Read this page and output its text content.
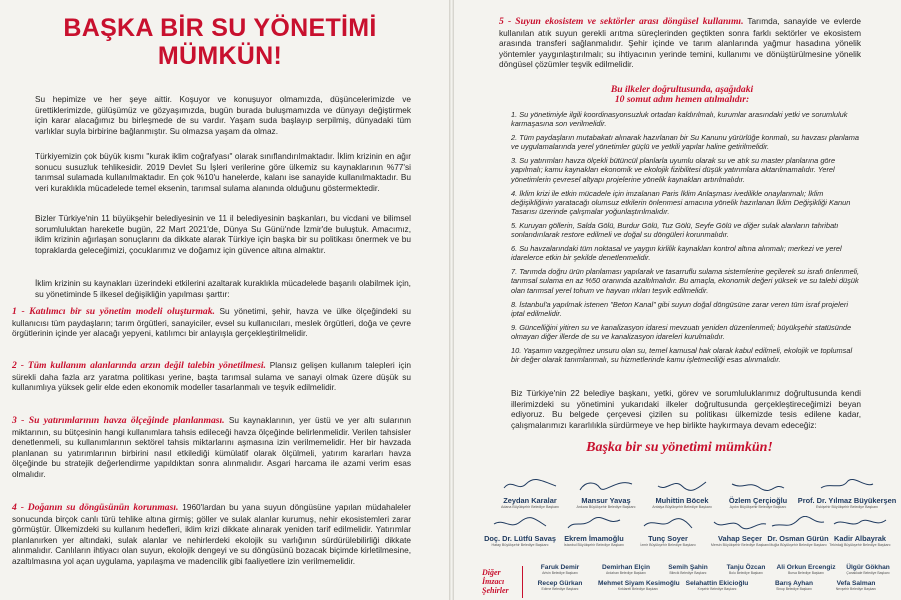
BAŞKA BİR SU YÖNETİMİ
MÜMKÜN!

Su hepimize ve her şeye aittir. Koşuyor ve konuşuyor olmamızda, düşüncelerimizde ve ürettiklerimizde, gülüşümüz ve gözyaşımızda, bugün burada buluşmamızda ve dünyayı değiştirmek için karar alacağımız bu birleşmede de su vardır. Yaşam suda başlayıp serpilmiş, dünyadaki tüm varlıklar suyla birbirine bağlanmıştır. Su olmazsa yaşam da olmaz.

Türkiyemizin çok büyük kısmı "kurak iklim coğrafyası" olarak sınıflandırılmaktadır. İklim krizinin en ağır sonucu susuzluk tehlikesidir. 2019 Devlet Su İşleri verilerine göre ülkemiz su kaynaklarının %77'si tarımsal sulamada kullanılmaktadır. En çok %10'u hanelerde, kalanı ise sanayide kullanılmaktadır. Bu veri kuraklıkla mücadelede temel eksenin, tarımsal sulama alanında olduğunu göstermektedir.

Bizler Türkiye'nin 11 büyükşehir belediyesinin ve 11 il belediyesinin başkanları, bu vicdani ve bilimsel sorumluluktan hareketle bugün, 22 Mart 2021'de, Dünya Su Günü'nde İzmir'de buluştuk. Amacımız, iklim krizinin ağırlaşan sonuçlarını da dikkate alarak Türkiye için başka bir su politikası önermek ve bu topraklarda geleceğimizi, çocuklarımız ve doğamız için güvence altına almaktır.

İklim krizinin su kaynakları üzerindeki etkilerini azaltarak kuraklıkla mücadelede başarılı olabilmek için, su yönetiminde 5 ilkesel değişikliğin yapılması şarttır:

1 - Katılımcı bir su yönetim modeli oluşturmak. Su yönetimi, şehir, havza ve ülke ölçeğindeki su kullanıcısı tüm paydaşların; tarım örgütleri, sanayiciler, evsel su kullanıcıları, meslek örgütleri, doğa ve çevre örgütlerinin içinde yer alacağı yepyeni, katılımcı bir anlayışla gerçekleştirilmelidir.

2 - Tüm kullanım alanlarında arzın değil talebin yönetilmesi. Plansız gelişen kullanım talepleri için sürekli daha fazla arz yaratma politikası yerine, başta tarımsal sulama ve sanayi olmak üzere düşük su kullanımlıya yüksek gelir elde eden ekonomik modeller tasarlanmalı ve teşvik edilmelidir.

3 - Su yatırımlarının havza ölçeğinde planlanması. Su kaynaklarının, yer üstü ve yer altı sularının miktarının, su bütçesinin hangi kullanımlara tahsis edileceği havza ölçeğinde belirlenmelidir. Verilen tahsisler denetlenmeli, su kullanımlarının sektörel tahsis miktarlarını aşmasına izin verilmemelidir. Her bir havzada planlanan su yatırımlarının birbirini nasıl etkilediği kümülatif olarak ölçülmeli, yatırım kararları havza ölçeğinde bu stratejik değerlendirme yapıldıktan sonra alınmalıdır. Asgari harcama ile azami verim esas olmalıdır.

4 - Doğanın su döngüsünün korunması. 1960'lardan bu yana suyun döngüsüne yapılan müdahaleler sonucunda birçok canlı türü tehlike altına girmiş; göller ve sulak alanlar kurumuş, nehir ekosistemleri zarar görmüştür. Ülkemizdeki su kullanım hedefleri, iklim krizi dikkate alınarak yeniden tarif edilmelidir. Yatırımlar planlanırken yer altındaki, sulak alanlar ve nehirlerdeki ekolojik su varlığının sürdürülebilirliği dikkate alınmalıdır. Canlıların ihtiyacı olan suyun, ekolojik dengeyi ve su döngüsünü bozacak biçimde kirletilmesine, azaltılmasına yol açan uygulama, yapılaşma ve madencilik gibi faaliyetlere izin verilmemelidir.

5 - Suyun ekosistem ve sektörler arası döngüsel kullanımı. Tarımda, sanayide ve evlerde kullanılan atık suyun gerekli arıtma süreçlerinden geçtikten sonra farklı sektörler ve ekosistem arasında transferi sağlanmalıdır. Şehir içinde ve tarım alanlarında yağmur hasadına yönelik yöntemler yaygınlaştırılmalı; su ihtiyacının yerinde temini, kullanımı ve dönüştürülmesine yönelik döngüsel çözümler teşvik edilmelidir.

Bu ilkeler doğrultusunda, aşağıdaki
10 somut adım hemen atılmalıdır:

1. Su yönetimiyle ilgili koordinasyonsuzluk ortadan kaldırılmalı, kurumlar arasındaki yetki ve sorumluluk karmaşasına son verilmelidir.

2. Tüm paydaşların mutabakatı alınarak hazırlanan bir Su Kanunu yürürlüğe konmalı, su havzası planlama ve uygulamalarında yerel yönetimler güçlü ve yetkili yapılar haline getirilmelidir.

3. Su yatırımları havza ölçekli bütüncül planlarla uyumlu olarak su ve atık su master planlarına göre yapılmalı; kamu kaynakları ekonomik ve ekolojik fizibilitesi düşük yatırımlara aktarılmamalıdır. Yerel yönetimlerin çevresel altyapı projelerine yönelik kaynakları artırılmalıdır.

4. İklim krizi ile etkin mücadele için imzalanan Paris İklim Anlaşması ivedilikle onaylanmalı; İklim değişikliğinin yaratacağı olumsuz etkilerin önlenmesi amacına yönelik hazırlanan İklim Değişikliği Kanun Tasarısı üzerinde çalışmalar yoğunlaştırılmalıdır.

5. Kuruyan göllerin, Salda Gölü, Burdur Gölü, Tuz Gölü, Seyfe Gölü ve diğer sulak alanların tahribatı sonlandırılarak restore edilmeli ve doğal su döngüleri korunmalıdır.

6. Su havzalarındaki tüm noktasal ve yaygın kirlilik kaynakları kontrol altına alınmalı; merkezi ve yerel idarelerce etkin bir şekilde denetlenmelidir.

7. Tarımda doğru ürün planlaması yapılarak ve tasarruflu sulama sistemlerine geçilerek su israfı önlenmeli, tarımsal sulama en az %50 oranında azaltılmalıdır. Bu amaçla, ekonomik değeri yüksek ve su talebi düşük olan tarımsal yerel tohum ve hayvan ırkları teşvik edilmelidir.

8. İstanbul'a yapılmak istenen "Beton Kanal" gibi suyun doğal döngüsüne zarar veren tüm israf projeleri iptal edilmelidir.

9. Güncelliğini yitiren su ve kanalizasyon idaresi mevzuatı yeniden düzenlenmeli; büyükşehir statüsünde olmayan diğer illerde de su ve kanalizasyon idareleri kurulmalıdır.

10. Yaşamın vazgeçilmez unsuru olan su, temel kamusal hak olarak kabul edilmeli, ekolojik ve toplumsal bir değer olarak tanımlanmalı, su hizmetlerinde kamu işletmeciliği esas alınmalıdır.

Biz Türkiye'nin 22 belediye başkanı, yetki, görev ve sorumluluklarımız doğrultusunda kendi illerimizdeki su yönetimini yukarıdaki ilkeler doğrultusunda gerçekleştireceğimizi beyan ediyoruz. Bu belgede çerçevesi çizilen su politikası ülkemizde tesis edilene kadar, çalışmalarımızı kararlılıkla sürdürmeye ve hep birlikte haykırmaya devam edeceğiz:

Başka bir su yönetimi mümkün!
Zeydan Karalar
Adana Büyükşehir Belediye Başkanı
Mansur Yavaş
Ankara Büyükşehir Belediye Başkanı
Muhittin Böcek
Antalya Büyükşehir Belediye Başkanı
Özlem Çerçioğlu
Aydın Büyükşehir Belediye Başkanı
Prof. Dr. Yılmaz Büyükerşen
Eskişehir Büyükşehir Belediye Başkanı
Doç. Dr. Lütfü Savaş
Hatay Büyükşehir Belediye Başkanı
Ekrem İmamoğlu
İstanbul Büyükşehir Belediye Başkanı
Tunç Soyer
İzmir Büyükşehir Belediye Başkanı
Vahap Seçer
Mersin Büyükşehir Belediye Başkanı
Dr. Osman Gürün
Muğla Büyükşehir Belediye Başkanı
Kadir Albayrak
Tekirdağ Büyükşehir Belediye Başkanı
Diğer İmzacı Şehirler
Faruk Demir
Artvin Belediye Başkanı
Demirhan Elçin
Ardahan Belediye Başkanı
Semih Şahin
Bilecik Belediye Başkanı
Tanju Özcan
Bolu Belediye Başkanı
Ali Orkun Ercengiz
Bursa Belediye Başkanı
Ülgür Gökhan
Çanakkale Belediye Başkanı
Recep Gürkan
Edirne Belediye Başkanı
Mehmet Siyam Kesimoğlu
Kırklareli Belediye Başkanı
Selahattin Ekicioğlu
Kırşehir Belediye Başkanı
Barış Ayhan
Sinop Belediye Başkanı
Vefa Salman
Nevşehir Belediye Başkanı
